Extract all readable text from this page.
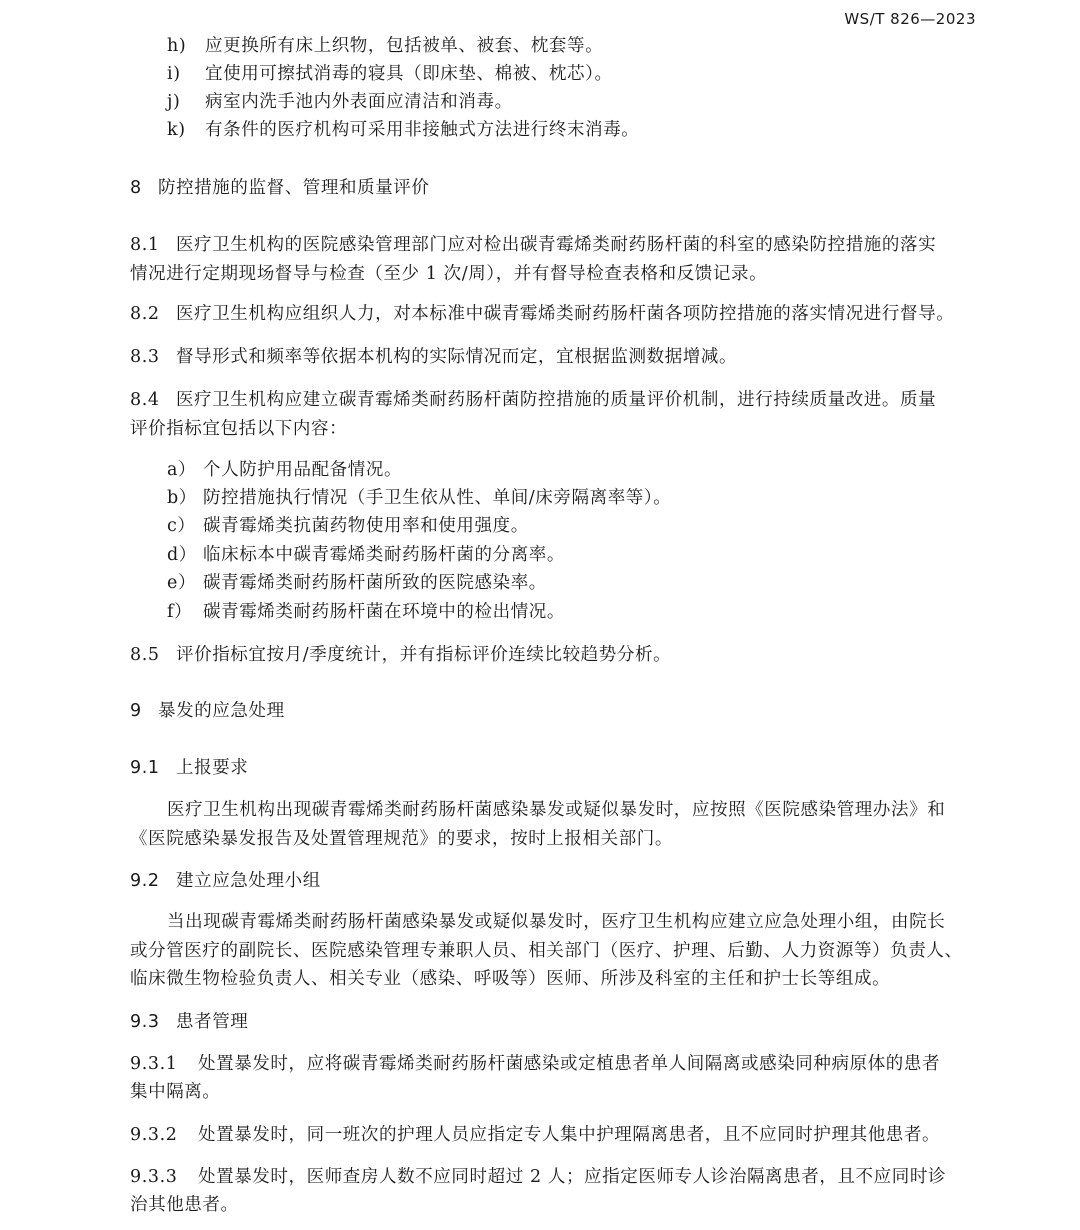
WS/T 826—2023
h) 应更换所有床上织物，包括被单、被套、枕套等。
i) 宜使用可擦拭消毒的寝具（即床垫、棉被、枕芯）。
j) 病室内洗手池内外表面应清洁和消毒。
k) 有条件的医疗机构可采用非接触式方法进行终末消毒。
8 防控措施的监督、管理和质量评价
8.1 医疗卫生机构的医院感染管理部门应对检出碳青霉烯类耐药肠杆菌的科室的感染防控措施的落实
情况进行定期现场督导与检查（至少 1 次/周），并有督导检查表格和反馈记录。
8.2 医疗卫生机构应组织人力，对本标准中碳青霉烯类耐药肠杆菌各项防控措施的落实情况进行督导。
8.3 督导形式和频率等依据本机构的实际情况而定，宜根据监测数据增减。
8.4 医疗卫生机构应建立碳青霉烯类耐药肠杆菌防控措施的质量评价机制，进行持续质量改进。质量
评价指标宜包括以下内容：
a） 个人防护用品配备情况。
b） 防控措施执行情况（手卫生依从性、单间/床旁隔离率等）。
c） 碳青霉烯类抗菌药物使用率和使用强度。
d） 临床标本中碳青霉烯类耐药肠杆菌的分离率。
e） 碳青霉烯类耐药肠杆菌所致的医院感染率。
f） 碳青霉烯类耐药肠杆菌在环境中的检出情况。
8.5 评价指标宜按月/季度统计，并有指标评价连续比较趋势分析。
9 暴发的应急处理
9.1 上报要求
医疗卫生机构出现碳青霉烯类耐药肠杆菌感染暴发或疑似暴发时，应按照《医院感染管理办法》和
《医院感染暴发报告及处置管理规范》的要求，按时上报相关部门。
9.2 建立应急处理小组
当出现碳青霉烯类耐药肠杆菌感染暴发或疑似暴发时，医疗卫生机构应建立应急处理小组，由院长
或分管医疗的副院长、医院感染管理专兼职人员、相关部门（医疗、护理、后勤、人力资源等）负责人、
临床微生物检验负责人、相关专业（感染、呼吸等）医师、所涉及科室的主任和护士长等组成。
9.3 患者管理
9.3.1 处置暴发时，应将碳青霉烯类耐药肠杆菌感染或定植患者单人间隔离或感染同种病原体的患者
集中隔离。
9.3.2 处置暴发时，同一班次的护理人员应指定专人集中护理隔离患者，且不应同时护理其他患者。
9.3.3 处置暴发时，医师查房人数不应同时超过 2 人；应指定医师专人诊治隔离患者，且不应同时诊
治其他患者。
